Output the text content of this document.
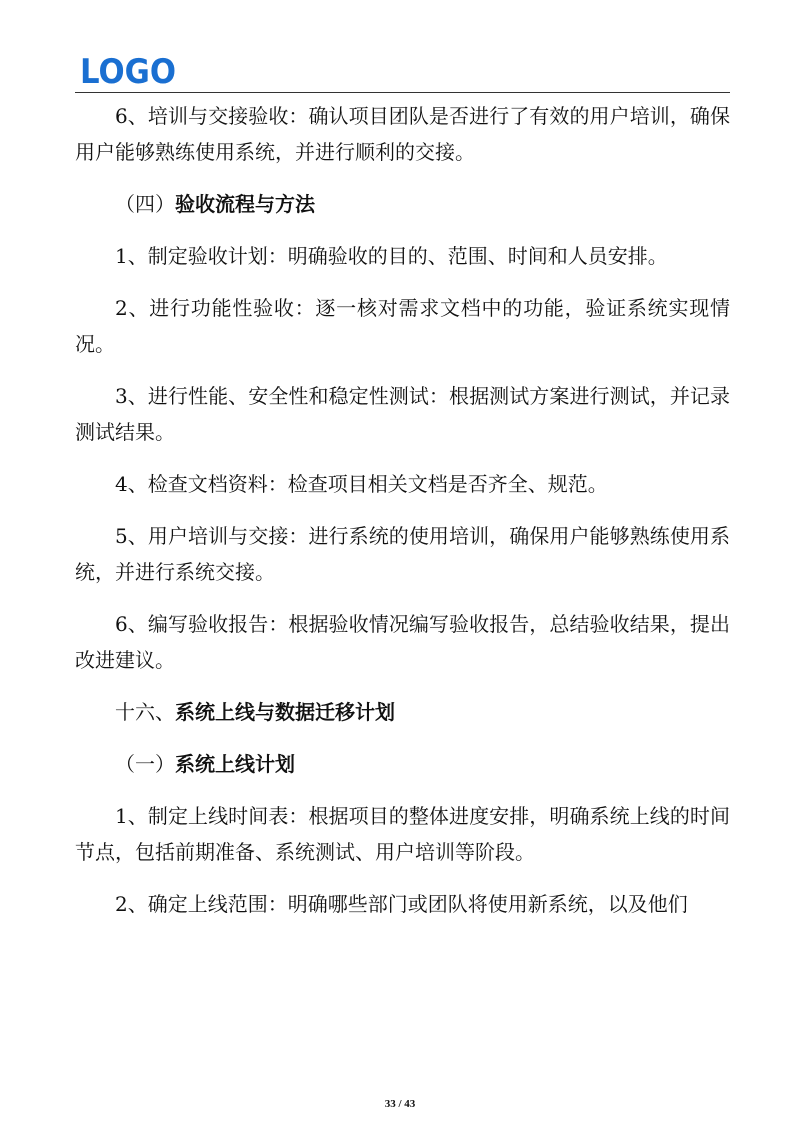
LOGO

6、培训与交接验收：确认项目团队是否进行了有效的用户培训，确保用户能够熟练使用系统，并进行顺利的交接。

（四）验收流程与方法

1、制定验收计划：明确验收的目的、范围、时间和人员安排。

2、进行功能性验收：逐一核对需求文档中的功能，验证系统实现情况。

3、进行性能、安全性和稳定性测试：根据测试方案进行测试，并记录测试结果。

4、检查文档资料：检查项目相关文档是否齐全、规范。

5、用户培训与交接：进行系统的使用培训，确保用户能够熟练使用系统，并进行系统交接。

6、编写验收报告：根据验收情况编写验收报告，总结验收结果，提出改进建议。

十六、系统上线与数据迁移计划

（一）系统上线计划

1、制定上线时间表：根据项目的整体进度安排，明确系统上线的时间节点，包括前期准备、系统测试、用户培训等阶段。

2、确定上线范围：明确哪些部门或团队将使用新系统，以及他们

33 / 43
